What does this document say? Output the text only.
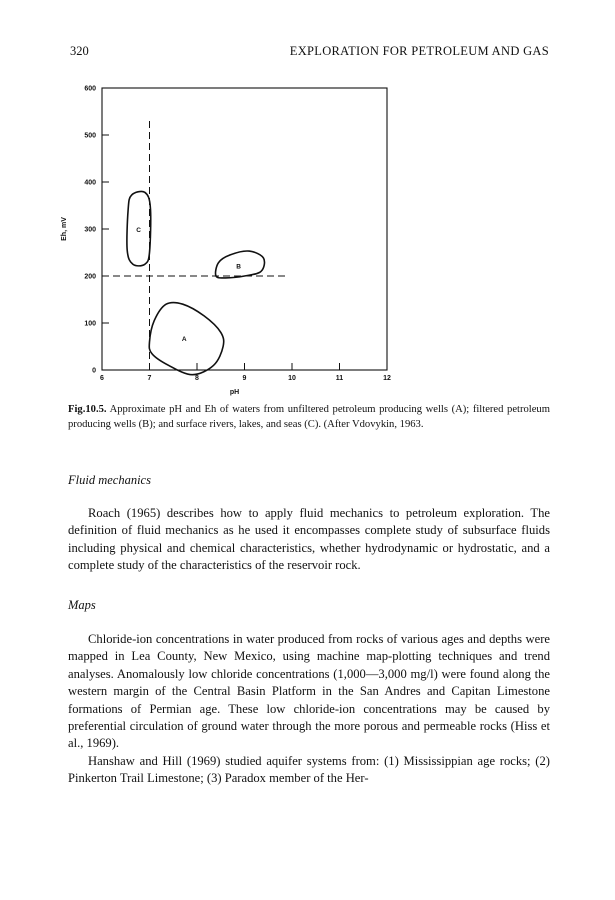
320	EXPLORATION FOR PETROLEUM AND GAS
0
100
200
300
400
500
600
6	7	8	9	10	11	12
pH
Eh, mV
A
B
C
Fig.10.5. Approximate pH and Eh of waters from unfiltered petroleum producing wells (A); filtered petroleum producing wells (B); and surface rivers, lakes, and seas (C). (After Vdovykin, 1963.
Fluid mechanics

Roach (1965) describes how to apply fluid mechanics to petroleum exploration. The definition of fluid mechanics as he used it encompasses complete study of subsurface fluids including physical and chemical characteristics, whether hydrodynamic or hydrostatic, and a complete study of the characteristics of the reservoir rock.

Maps

Chloride-ion concentrations in water produced from rocks of various ages and depths were mapped in Lea County, New Mexico, using machine map-plotting techniques and trend analyses. Anomalously low chloride concentrations (1,000—3,000 mg/l) were found along the western margin of the Central Basin Platform in the San Andres and Capitan Limestone formations of Permian age. These low chloride-ion concentrations may be caused by preferential circulation of ground water through the more porous and permeable rocks (Hiss et al., 1969).

Hanshaw and Hill (1969) studied aquifer systems from: (1) Mississippian age rocks; (2) Pinkerton Trail Limestone; (3) Paradox member of the Her-
